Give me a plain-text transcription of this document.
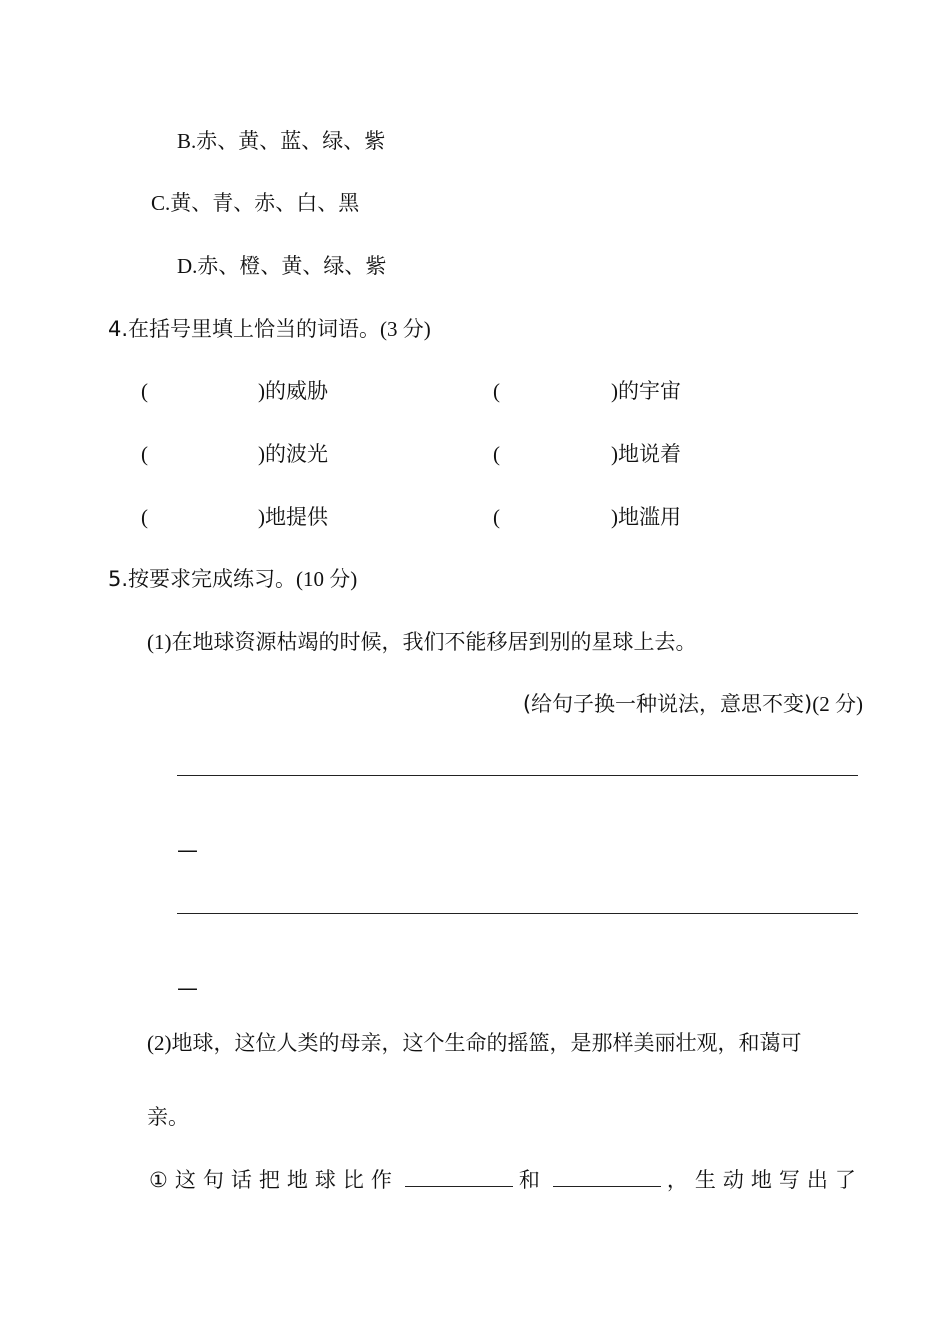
B.赤、黄、蓝、绿、紫
C.黄、青、赤、白、黑
D.赤、橙、黄、绿、紫
4.在括号里填上恰当的词语。(3 分)
(	)的威胁	(	)的宇宙
(	)的波光	(	)地说着
(	)地提供	(	)地滥用
5.按要求完成练习。(10 分)
(1)在地球资源枯竭的时候，我们不能移居到别的星球上去。
(给句子换一种说法，意思不变)(2 分)
—
—
(2)地球，这位人类的母亲，这个生命的摇篮，是那样美丽壮观，和蔼可
亲。
①这句话把地球比作	和	，生动地写出了
